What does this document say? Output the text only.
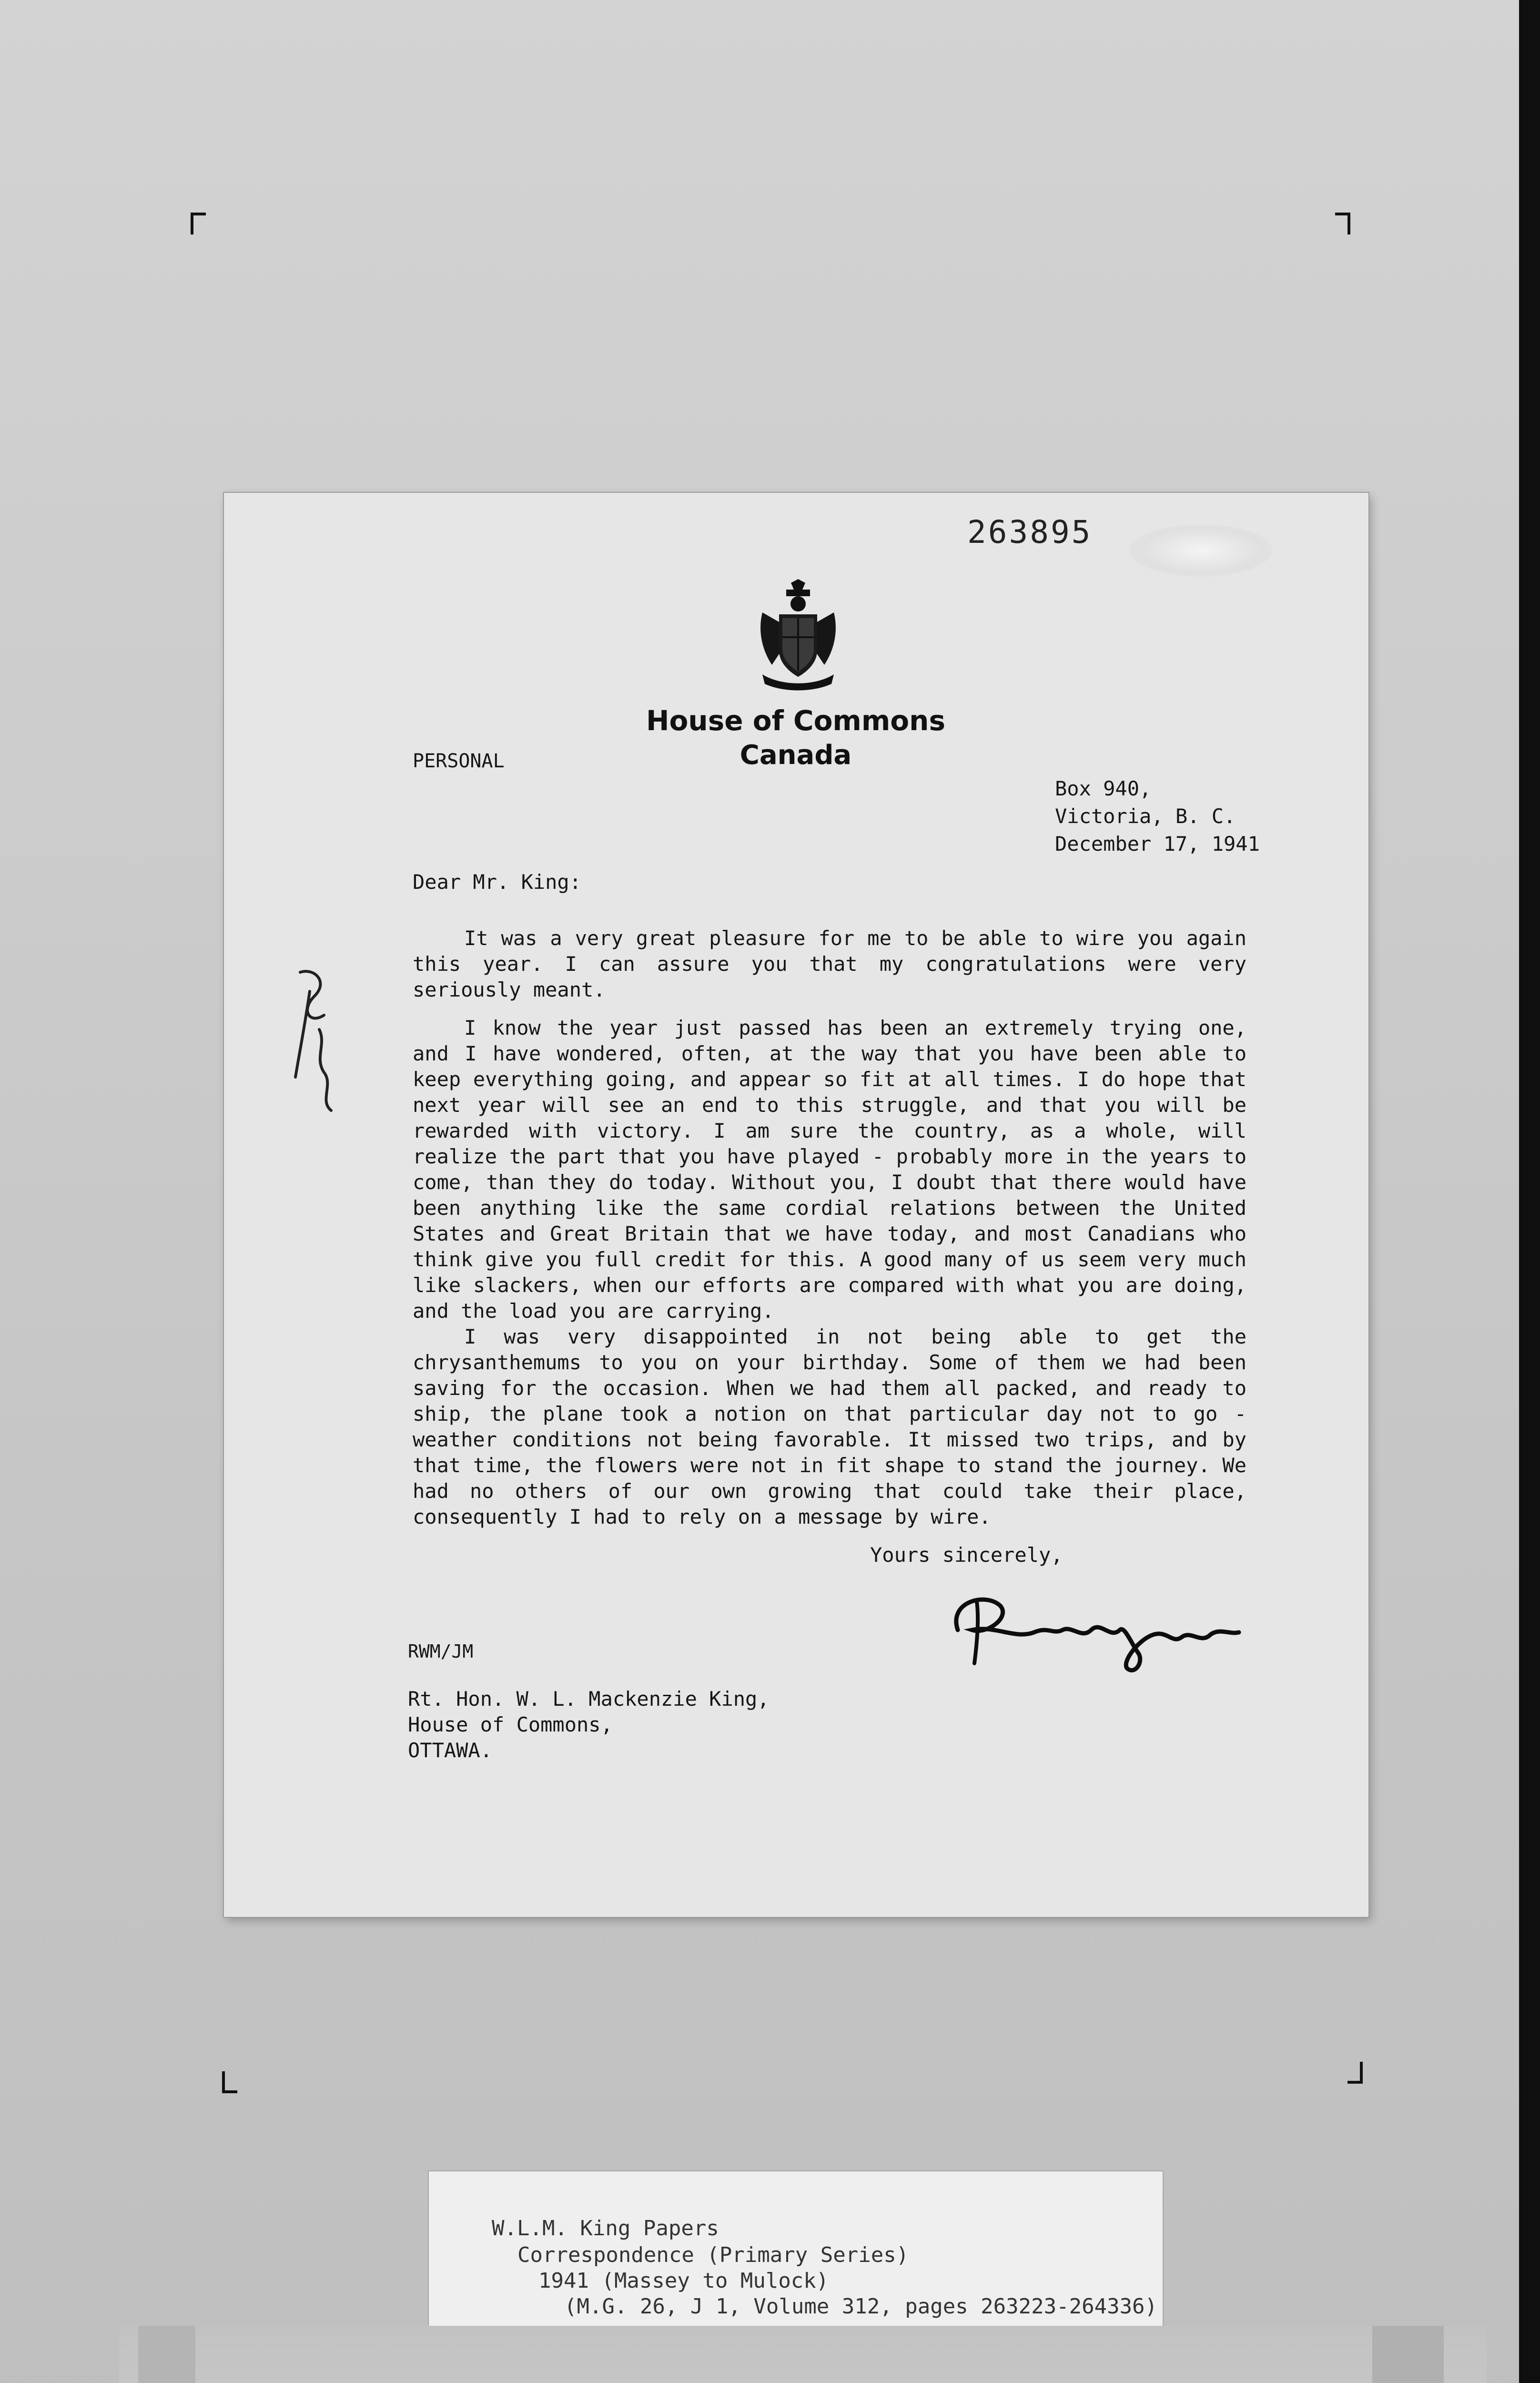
263895
House of Commons
Canada
PERSONAL
Box 940,
Victoria, B. C.
December 17, 1941
Dear Mr. King:
It was a very great pleasure for me to be able to wire you again this year. I can assure you that my congratulations were very seriously meant.
I know the year just passed has been an extremely trying one, and I have wondered, often, at the way that you have been able to keep everything going, and appear so fit at all times. I do hope that next year will see an end to this struggle, and that you will be rewarded with victory. I am sure the country, as a whole, will realize the part that you have played - probably more in the years to come, than they do today. Without you, I doubt that there would have been anything like the same cordial relations between the United States and Great Britain that we have today, and most Canadians who think give you full credit for this. A good many of us seem very much like slackers, when our efforts are compared with what you are doing, and the load you are carrying.
I was very disappointed in not being able to get the chrysanthemums to you on your birthday. Some of them we had been saving for the occasion. When we had them all packed, and ready to ship, the plane took a notion on that particular day not to go - weather conditions not being favorable. It missed two trips, and by that time, the flowers were not in fit shape to stand the journey. We had no others of our own growing that could take their place, consequently I had to rely on a message by wire.
Yours sincerely,
RWM/JM
Rt. Hon. W. L. Mackenzie King,
House of Commons,
OTTAWA.
W.L.M. King Papers
Correspondence (Primary Series)
1941 (Massey to Mulock)
(M.G. 26, J 1, Volume 312, pages 263223-264336)
